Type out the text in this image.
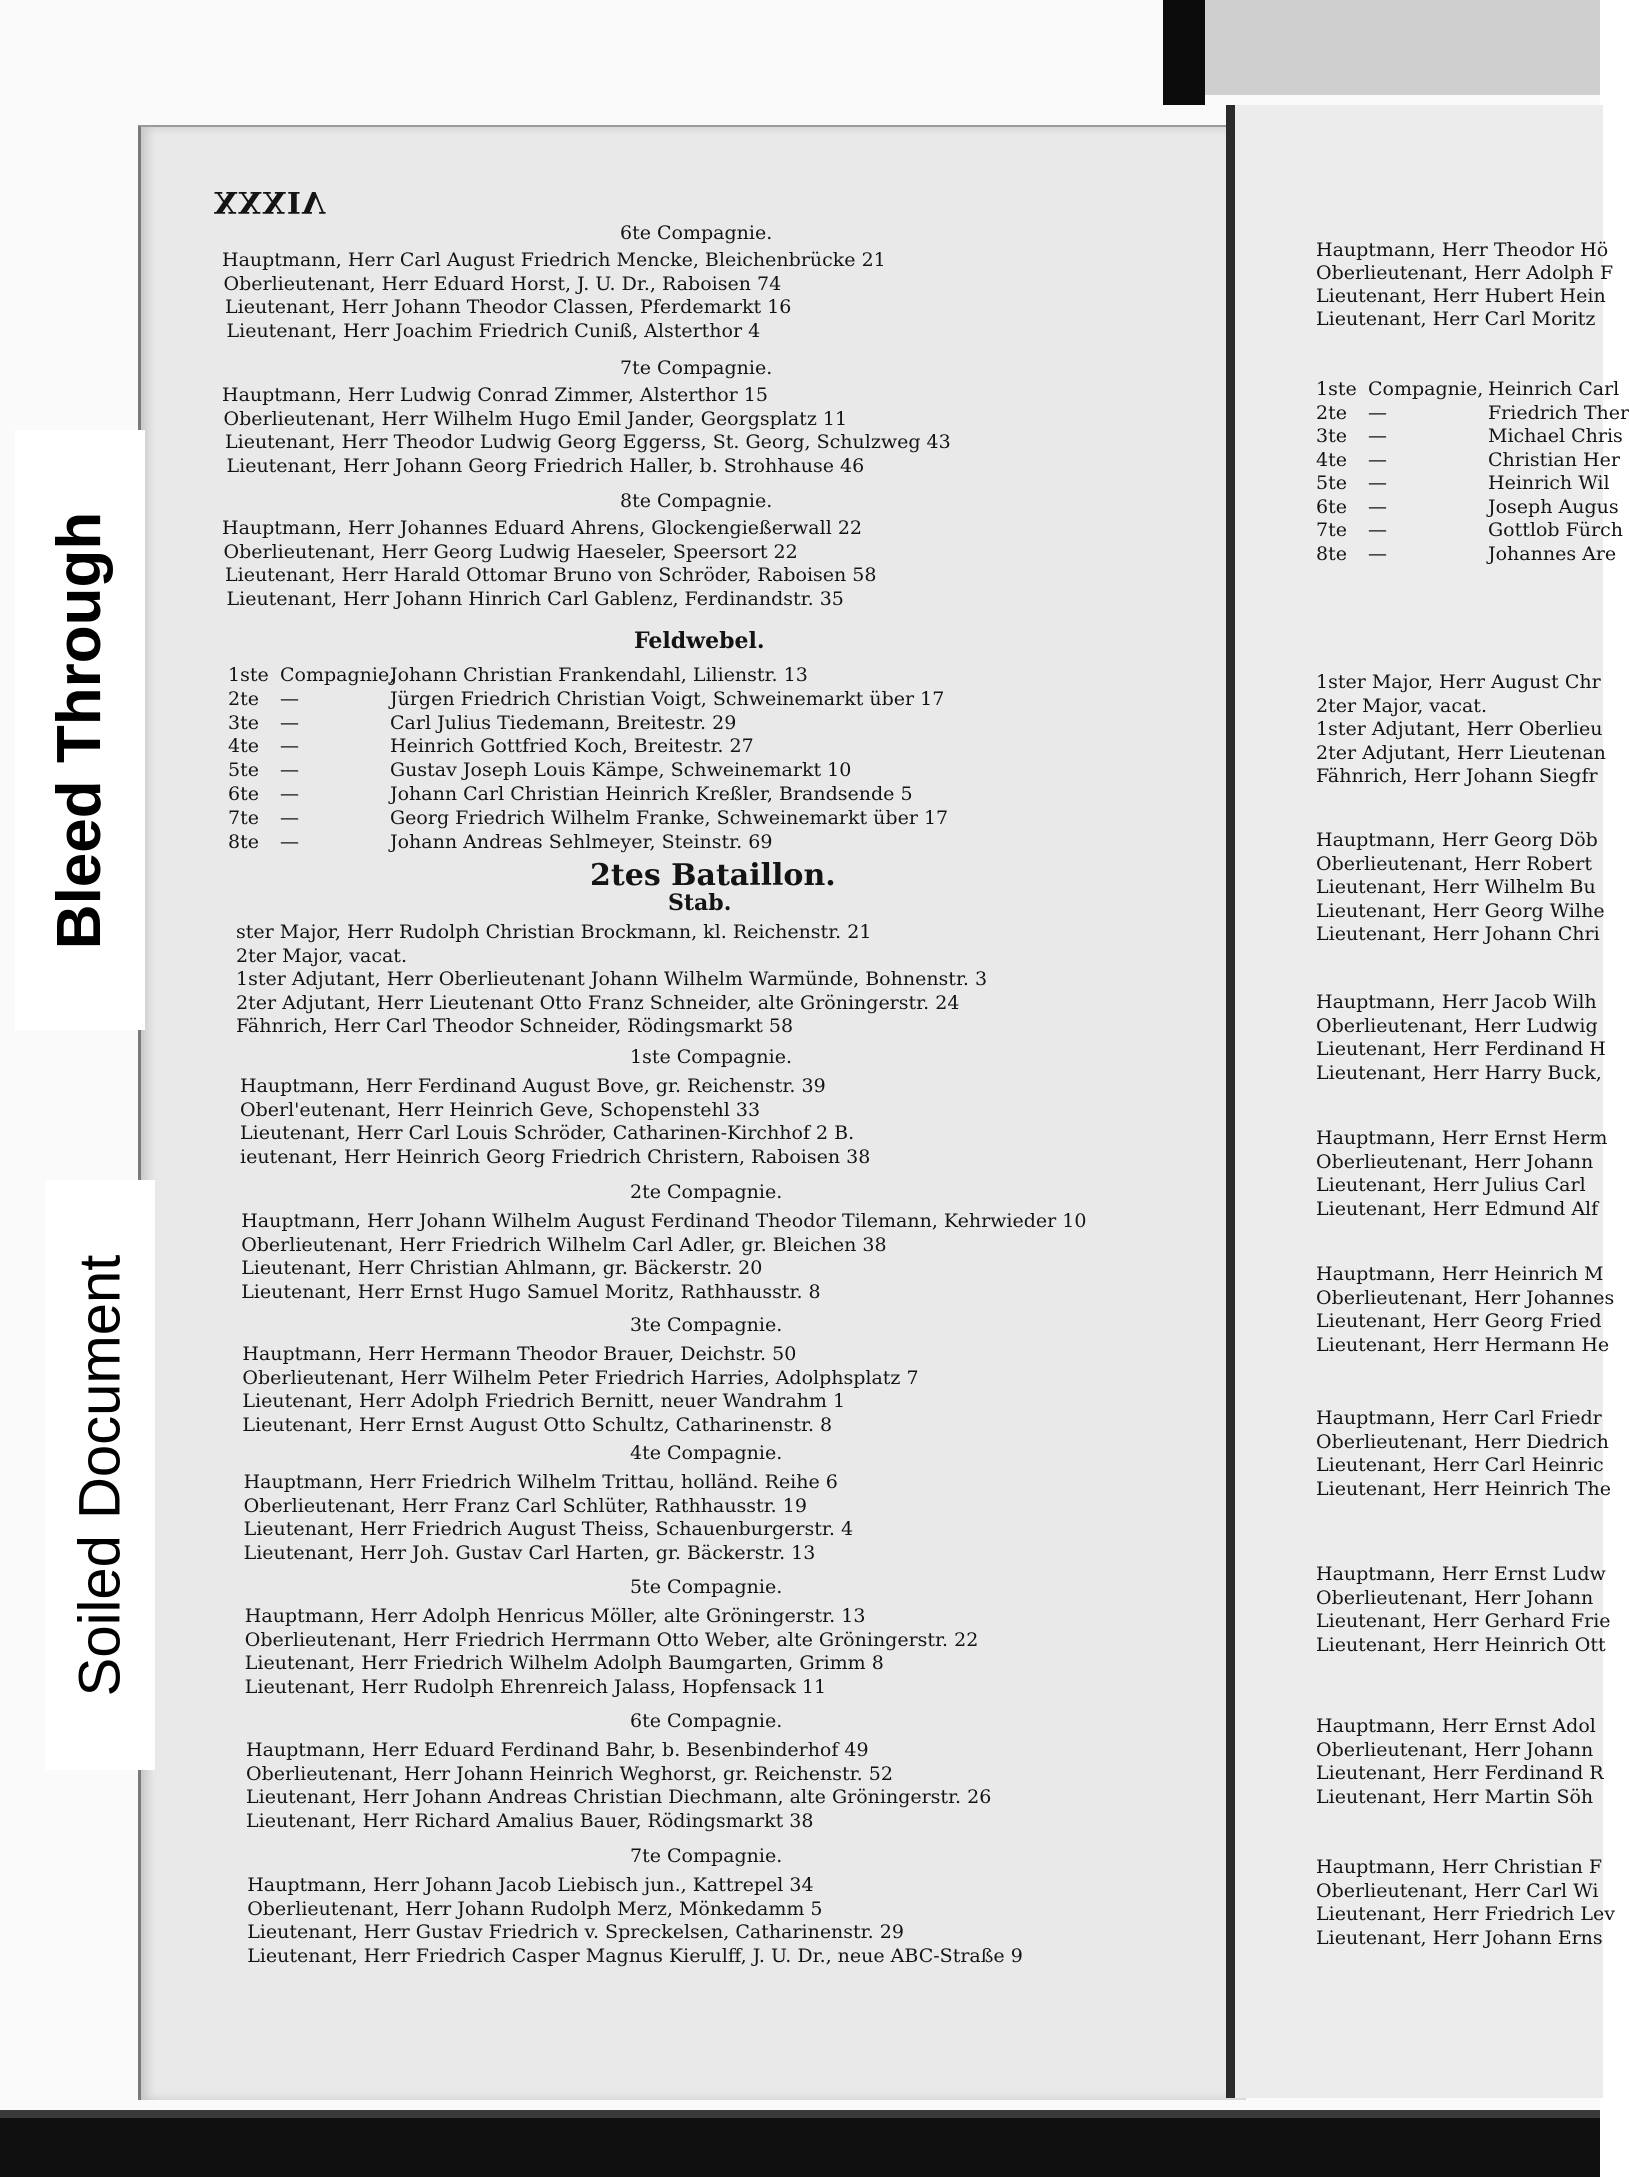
XXXIV
6te Compagnie.
Hauptmann, Herr Carl August Friedrich Mencke, Bleichenbrücke 21
Oberlieutenant, Herr Eduard Horst, J. U. Dr., Raboisen 74
Lieutenant, Herr Johann Theodor Classen, Pferdemarkt 16
Lieutenant, Herr Joachim Friedrich Cuniß, Alsterthor 4
7te Compagnie.
Hauptmann, Herr Ludwig Conrad Zimmer, Alsterthor 15
Oberlieutenant, Herr Wilhelm Hugo Emil Jander, Georgsplatz 11
Lieutenant, Herr Theodor Ludwig Georg Eggerss, St. Georg, Schulzweg 43
Lieutenant, Herr Johann Georg Friedrich Haller, b. Strohhause 46
8te Compagnie.
Hauptmann, Herr Johannes Eduard Ahrens, Glockengießerwall 22
Oberlieutenant, Herr Georg Ludwig Haeseler, Speersort 22
Lieutenant, Herr Harald Ottomar Bruno von Schröder, Raboisen 58
Lieutenant, Herr Johann Hinrich Carl Gablenz, Ferdinandstr. 35
Feldwebel.
1ste Compagnie,Johann Christian Frankendahl, Lilienstr. 13
2te —	Jürgen Friedrich Christian Voigt, Schweinemarkt über 17
3te —	Carl Julius Tiedemann, Breitestr. 29
4te —	Heinrich Gottfried Koch, Breitestr. 27
5te —	Gustav Joseph Louis Kämpe, Schweinemarkt 10
6te —	Johann Carl Christian Heinrich Kreßler, Brandsende 5
7te —	Georg Friedrich Wilhelm Franke, Schweinemarkt über 17
8te —	Johann Andreas Sehlmeyer, Steinstr. 69
2tes Bataillon.
Stab.
ster Major, Herr Rudolph Christian Brockmann, kl. Reichenstr. 21
2ter Major, vacat.
1ster Adjutant, Herr Oberlieutenant Johann Wilhelm Warmünde, Bohnenstr. 3
2ter Adjutant, Herr Lieutenant Otto Franz Schneider, alte Gröningerstr. 24
Fähnrich, Herr Carl Theodor Schneider, Rödingsmarkt 58
1ste Compagnie.
Hauptmann, Herr Ferdinand August Bove, gr. Reichenstr. 39
Oberl'eutenant, Herr Heinrich Geve, Schopenstehl 33
Lieutenant, Herr Carl Louis Schröder, Catharinen-Kirchhof 2 B.
ieutenant, Herr Heinrich Georg Friedrich Christern, Raboisen 38
2te Compagnie.
Hauptmann, Herr Johann Wilhelm August Ferdinand Theodor Tilemann, Kehrwieder 10
Oberlieutenant, Herr Friedrich Wilhelm Carl Adler, gr. Bleichen 38
Lieutenant, Herr Christian Ahlmann, gr. Bäckerstr. 20
Lieutenant, Herr Ernst Hugo Samuel Moritz, Rathhausstr. 8
3te Compagnie.
Hauptmann, Herr Hermann Theodor Brauer, Deichstr. 50
Oberlieutenant, Herr Wilhelm Peter Friedrich Harries, Adolphsplatz 7
Lieutenant, Herr Adolph Friedrich Bernitt, neuer Wandrahm 1
Lieutenant, Herr Ernst August Otto Schultz, Catharinenstr. 8
4te Compagnie.
Hauptmann, Herr Friedrich Wilhelm Trittau, holländ. Reihe 6
Oberlieutenant, Herr Franz Carl Schlüter, Rathhausstr. 19
Lieutenant, Herr Friedrich August Theiss, Schauenburgerstr. 4
Lieutenant, Herr Joh. Gustav Carl Harten, gr. Bäckerstr. 13
5te Compagnie.
Hauptmann, Herr Adolph Henricus Möller, alte Gröningerstr. 13
Oberlieutenant, Herr Friedrich Herrmann Otto Weber, alte Gröningerstr. 22
Lieutenant, Herr Friedrich Wilhelm Adolph Baumgarten, Grimm 8
Lieutenant, Herr Rudolph Ehrenreich Jalass, Hopfensack 11
6te Compagnie.
Hauptmann, Herr Eduard Ferdinand Bahr, b. Besenbinderhof 49
Oberlieutenant, Herr Johann Heinrich Weghorst, gr. Reichenstr. 52
Lieutenant, Herr Johann Andreas Christian Diechmann, alte Gröningerstr. 26
Lieutenant, Herr Richard Amalius Bauer, Rödingsmarkt 38
7te Compagnie.
Hauptmann, Herr Johann Jacob Liebisch jun., Kattrepel 34
Oberlieutenant, Herr Johann Rudolph Merz, Mönkedamm 5
Lieutenant, Herr Gustav Friedrich v. Spreckelsen, Catharinenstr. 29
Lieutenant, Herr Friedrich Casper Magnus Kierulff, J. U. Dr., neue ABC-Straße 9
Hauptmann, Herr Theodor Hö
Oberlieutenant, Herr Adolph F
Lieutenant, Herr Hubert Hein
Lieutenant, Herr Carl Moritz
1ste Compagnie, Heinrich Carl
2te —	Friedrich Ther
3te —	Michael Chris
4te —	Christian Her
5te —	Heinrich Wil
6te —	Joseph Augus
7te —	Gottlob Fürch
8te —	Johannes Are
1ster Major, Herr August Chr
2ter Major, vacat.
1ster Adjutant, Herr Oberlieu
2ter Adjutant, Herr Lieutenan
Fähnrich, Herr Johann Siegfr
Hauptmann, Herr Georg Döb
Oberlieutenant, Herr Robert
Lieutenant, Herr Wilhelm Bu
Lieutenant, Herr Georg Wilhe
Lieutenant, Herr Johann Chri
Hauptmann, Herr Jacob Wilh
Oberlieutenant, Herr Ludwig
Lieutenant, Herr Ferdinand H
Lieutenant, Herr Harry Buck,
Hauptmann, Herr Ernst Herm
Oberlieutenant, Herr Johann
Lieutenant, Herr Julius Carl
Lieutenant, Herr Edmund Alf
Hauptmann, Herr Heinrich M
Oberlieutenant, Herr Johannes
Lieutenant, Herr Georg Fried
Lieutenant, Herr Hermann He
Hauptmann, Herr Carl Friedr
Oberlieutenant, Herr Diedrich
Lieutenant, Herr Carl Heinric
Lieutenant, Herr Heinrich The
Hauptmann, Herr Ernst Ludw
Oberlieutenant, Herr Johann
Lieutenant, Herr Gerhard Frie
Lieutenant, Herr Heinrich Ott
Hauptmann, Herr Ernst Adol
Oberlieutenant, Herr Johann
Lieutenant, Herr Ferdinand R
Lieutenant, Herr Martin Söh
Hauptmann, Herr Christian F
Oberlieutenant, Herr Carl Wi
Lieutenant, Herr Friedrich Lev
Lieutenant, Herr Johann Erns
Bleed Through
Soiled Document
